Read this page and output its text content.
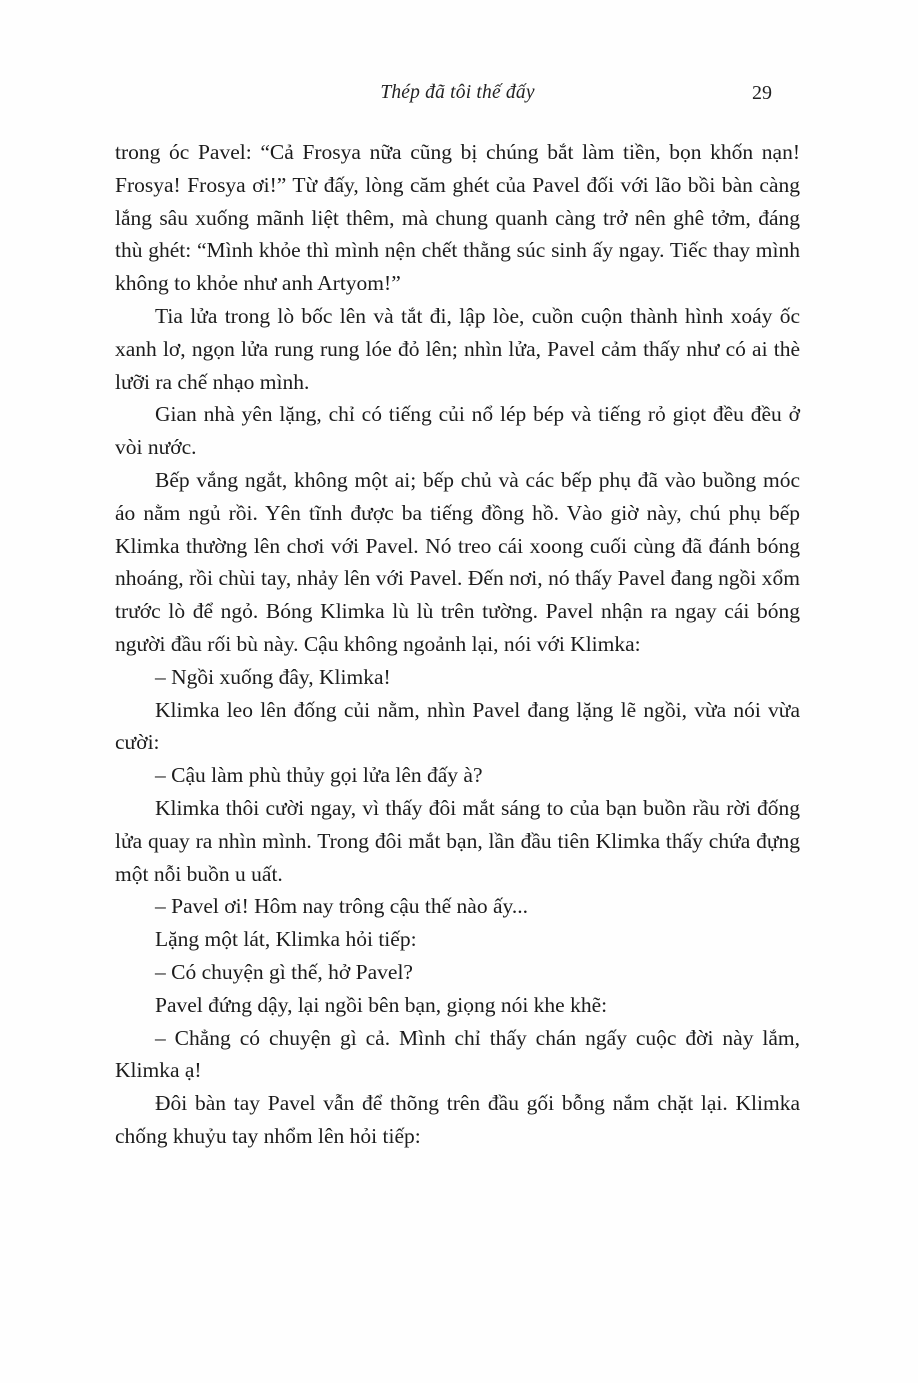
Thép đã tôi thế đấy	29

trong óc Pavel: “Cả Frosya nữa cũng bị chúng bắt làm tiền, bọn khốn nạn! Frosya! Frosya ơi!” Từ đấy, lòng căm ghét của Pavel đối với lão bồi bàn càng lắng sâu xuống mãnh liệt thêm, mà chung quanh càng trở nên ghê tởm, đáng thù ghét: “Mình khỏe thì mình nện chết thằng súc sinh ấy ngay. Tiếc thay mình không to khỏe như anh Artyom!”

Tia lửa trong lò bốc lên và tắt đi, lập lòe, cuồn cuộn thành hình xoáy ốc xanh lơ, ngọn lửa rung rung lóe đỏ lên; nhìn lửa, Pavel cảm thấy như có ai thè lưỡi ra chế nhạo mình.

Gian nhà yên lặng, chỉ có tiếng củi nổ lép bép và tiếng rỏ giọt đều đều ở vòi nước.

Bếp vắng ngắt, không một ai; bếp chủ và các bếp phụ đã vào buồng móc áo nằm ngủ rồi. Yên tĩnh được ba tiếng đồng hồ. Vào giờ này, chú phụ bếp Klimka thường lên chơi với Pavel. Nó treo cái xoong cuối cùng đã đánh bóng nhoáng, rồi chùi tay, nhảy lên với Pavel. Đến nơi, nó thấy Pavel đang ngồi xổm trước lò để ngỏ. Bóng Klimka lù lù trên tường. Pavel nhận ra ngay cái bóng người đầu rối bù này. Cậu không ngoảnh lại, nói với Klimka:

– Ngồi xuống đây, Klimka!

Klimka leo lên đống củi nằm, nhìn Pavel đang lặng lẽ ngồi, vừa nói vừa cười:

– Cậu làm phù thủy gọi lửa lên đấy à?

Klimka thôi cười ngay, vì thấy đôi mắt sáng to của bạn buồn rầu rời đống lửa quay ra nhìn mình. Trong đôi mắt bạn, lần đầu tiên Klimka thấy chứa đựng một nỗi buồn u uất.

– Pavel ơi! Hôm nay trông cậu thế nào ấy...

Lặng một lát, Klimka hỏi tiếp:

– Có chuyện gì thế, hở Pavel?

Pavel đứng dậy, lại ngồi bên bạn, giọng nói khe khẽ:

– Chẳng có chuyện gì cả. Mình chỉ thấy chán ngấy cuộc đời này lắm, Klimka ạ!

Đôi bàn tay Pavel vẫn để thõng trên đầu gối bỗng nắm chặt lại. Klimka chống khuỷu tay nhổm lên hỏi tiếp:
